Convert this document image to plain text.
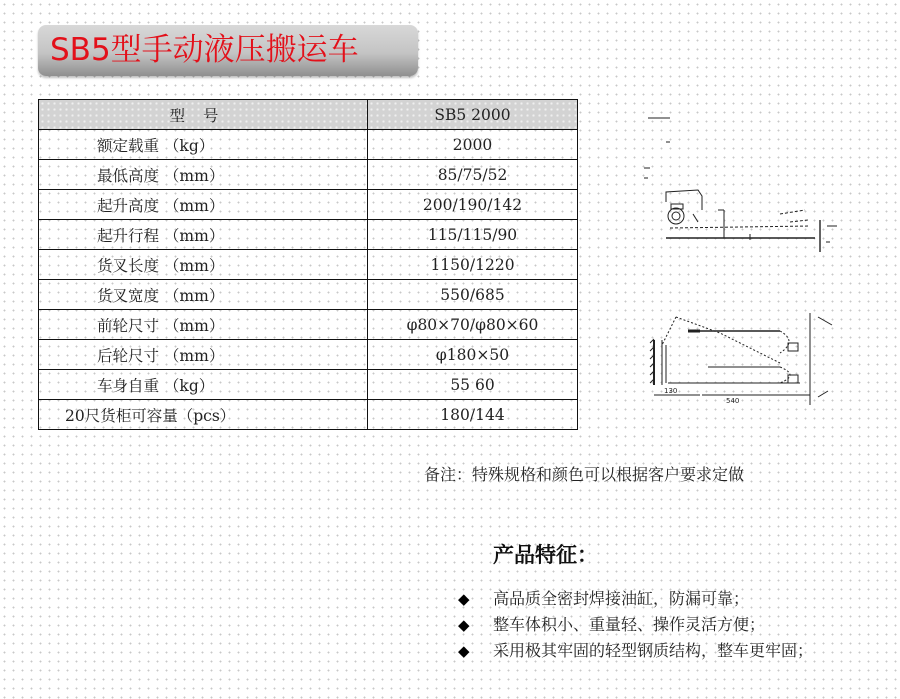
SB5型手动液压搬运车
型号	SB5 2000
额定载重 （kg）	2000
最低高度 （mm）	85/75/52
起升高度 （mm）	200/190/142
起升行程 （mm）	115/115/90
货叉长度 （mm）	1150/1220
货叉宽度 （mm）	550/685
前轮尺寸 （mm）	φ80×70/φ80×60
后轮尺寸 （mm）	φ180×50
车身自重 （kg）	55 60
20尺货柜可容量（pcs）	180/144
130
540
备注：特殊规格和颜色可以根据客户要求定做
产品特征：
◆	高品质全密封焊接油缸，防漏可靠；
◆	整车体积小、重量轻、操作灵活方便；
◆	采用极其牢固的轻型钢质结构，整车更牢固；
